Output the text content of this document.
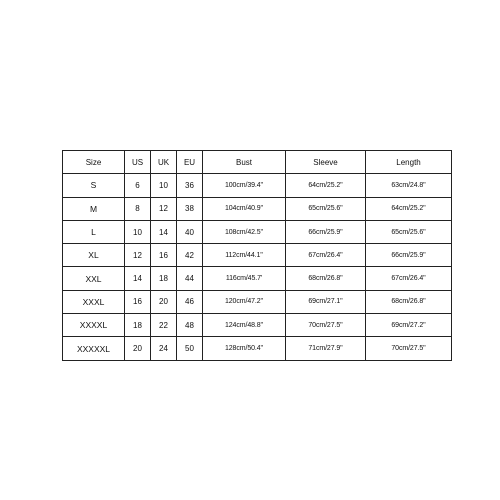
Size	US	UK	EU	Bust	Sleeve	Length
S	6	10	36	100cm/39.4''	64cm/25.2''	63cm/24.8''
M	8	12	38	104cm/40.9''	65cm/25.6''	64cm/25.2''
L	10	14	40	108cm/42.5''	66cm/25.9''	65cm/25.6''
XL	12	16	42	112cm/44.1''	67cm/26.4''	66cm/25.9''
XXL	14	18	44	116cm/45.7'	68cm/26.8''	67cm/26.4''
XXXL	16	20	46	120cm/47.2''	69cm/27.1''	68cm/26.8''
XXXXL	18	22	48	124cm/48.8''	70cm/27.5''	69cm/27.2''
XXXXXL	20	24	50	128cm/50.4''	71cm/27.9''	70cm/27.5''
